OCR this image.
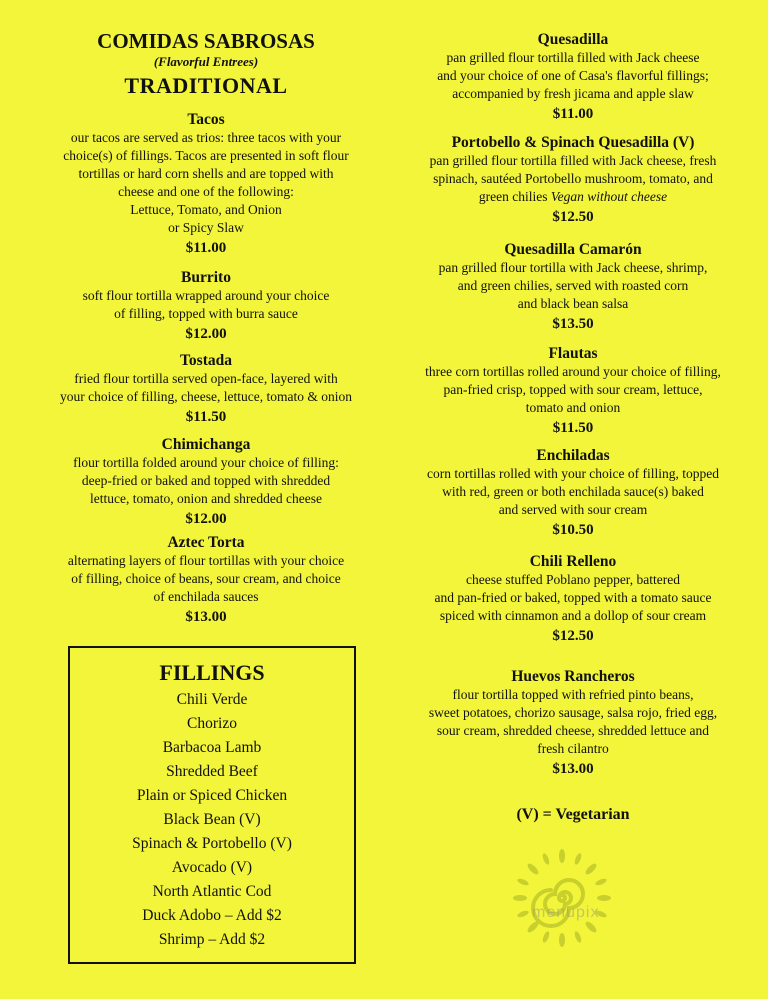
COMIDAS SABROSAS
(Flavorful Entrees)
TRADITIONAL
Tacos
our tacos are served as trios: three tacos with your
choice(s) of fillings. Tacos are presented in soft flour
tortillas or hard corn shells and are topped with
cheese and one of the following:
Lettuce, Tomato, and Onion
or Spicy Slaw
$11.00
Burrito
soft flour tortilla wrapped around your choice
of filling, topped with burra sauce
$12.00
Tostada
fried flour tortilla served open-face, layered with
your choice of filling, cheese, lettuce, tomato & onion
$11.50
Chimichanga
flour tortilla folded around your choice of filling:
deep-fried or baked and topped with shredded
lettuce, tomato, onion and shredded cheese
$12.00
Aztec Torta
alternating layers of flour tortillas with your choice
of filling, choice of beans, sour cream, and choice
of enchilada sauces
$13.00
FILLINGS
Chili Verde
Chorizo
Barbacoa Lamb
Shredded Beef
Plain or Spiced Chicken
Black Bean (V)
Spinach & Portobello (V)
Avocado (V)
North Atlantic Cod
Duck Adobo – Add $2
Shrimp – Add $2
Quesadilla
pan grilled flour tortilla filled with Jack cheese
and your choice of one of Casa's flavorful fillings;
accompanied by fresh jicama and apple slaw
$11.00
Portobello & Spinach Quesadilla (V)
pan grilled flour tortilla filled with Jack cheese, fresh
spinach, sautéed Portobello mushroom, tomato, and
green chilies Vegan without cheese
$12.50
Quesadilla Camarón
pan grilled flour tortilla with Jack cheese, shrimp,
and green chilies, served with roasted corn
and black bean salsa
$13.50
Flautas
three corn tortillas rolled around your choice of filling,
pan-fried crisp, topped with sour cream, lettuce,
tomato and onion
$11.50
Enchiladas
corn tortillas rolled with your choice of filling, topped
with red, green or both enchilada sauce(s) baked
and served with sour cream
$10.50
Chili Relleno
cheese stuffed Poblano pepper, battered
and pan-fried or baked, topped with a tomato sauce
spiced with cinnamon and a dollop of sour cream
$12.50
Huevos Rancheros
flour tortilla topped with refried pinto beans,
sweet potatoes, chorizo sausage, salsa rojo, fried egg,
sour cream, shredded cheese, shredded lettuce and
fresh cilantro
$13.00
(V) = Vegetarian
menupix
